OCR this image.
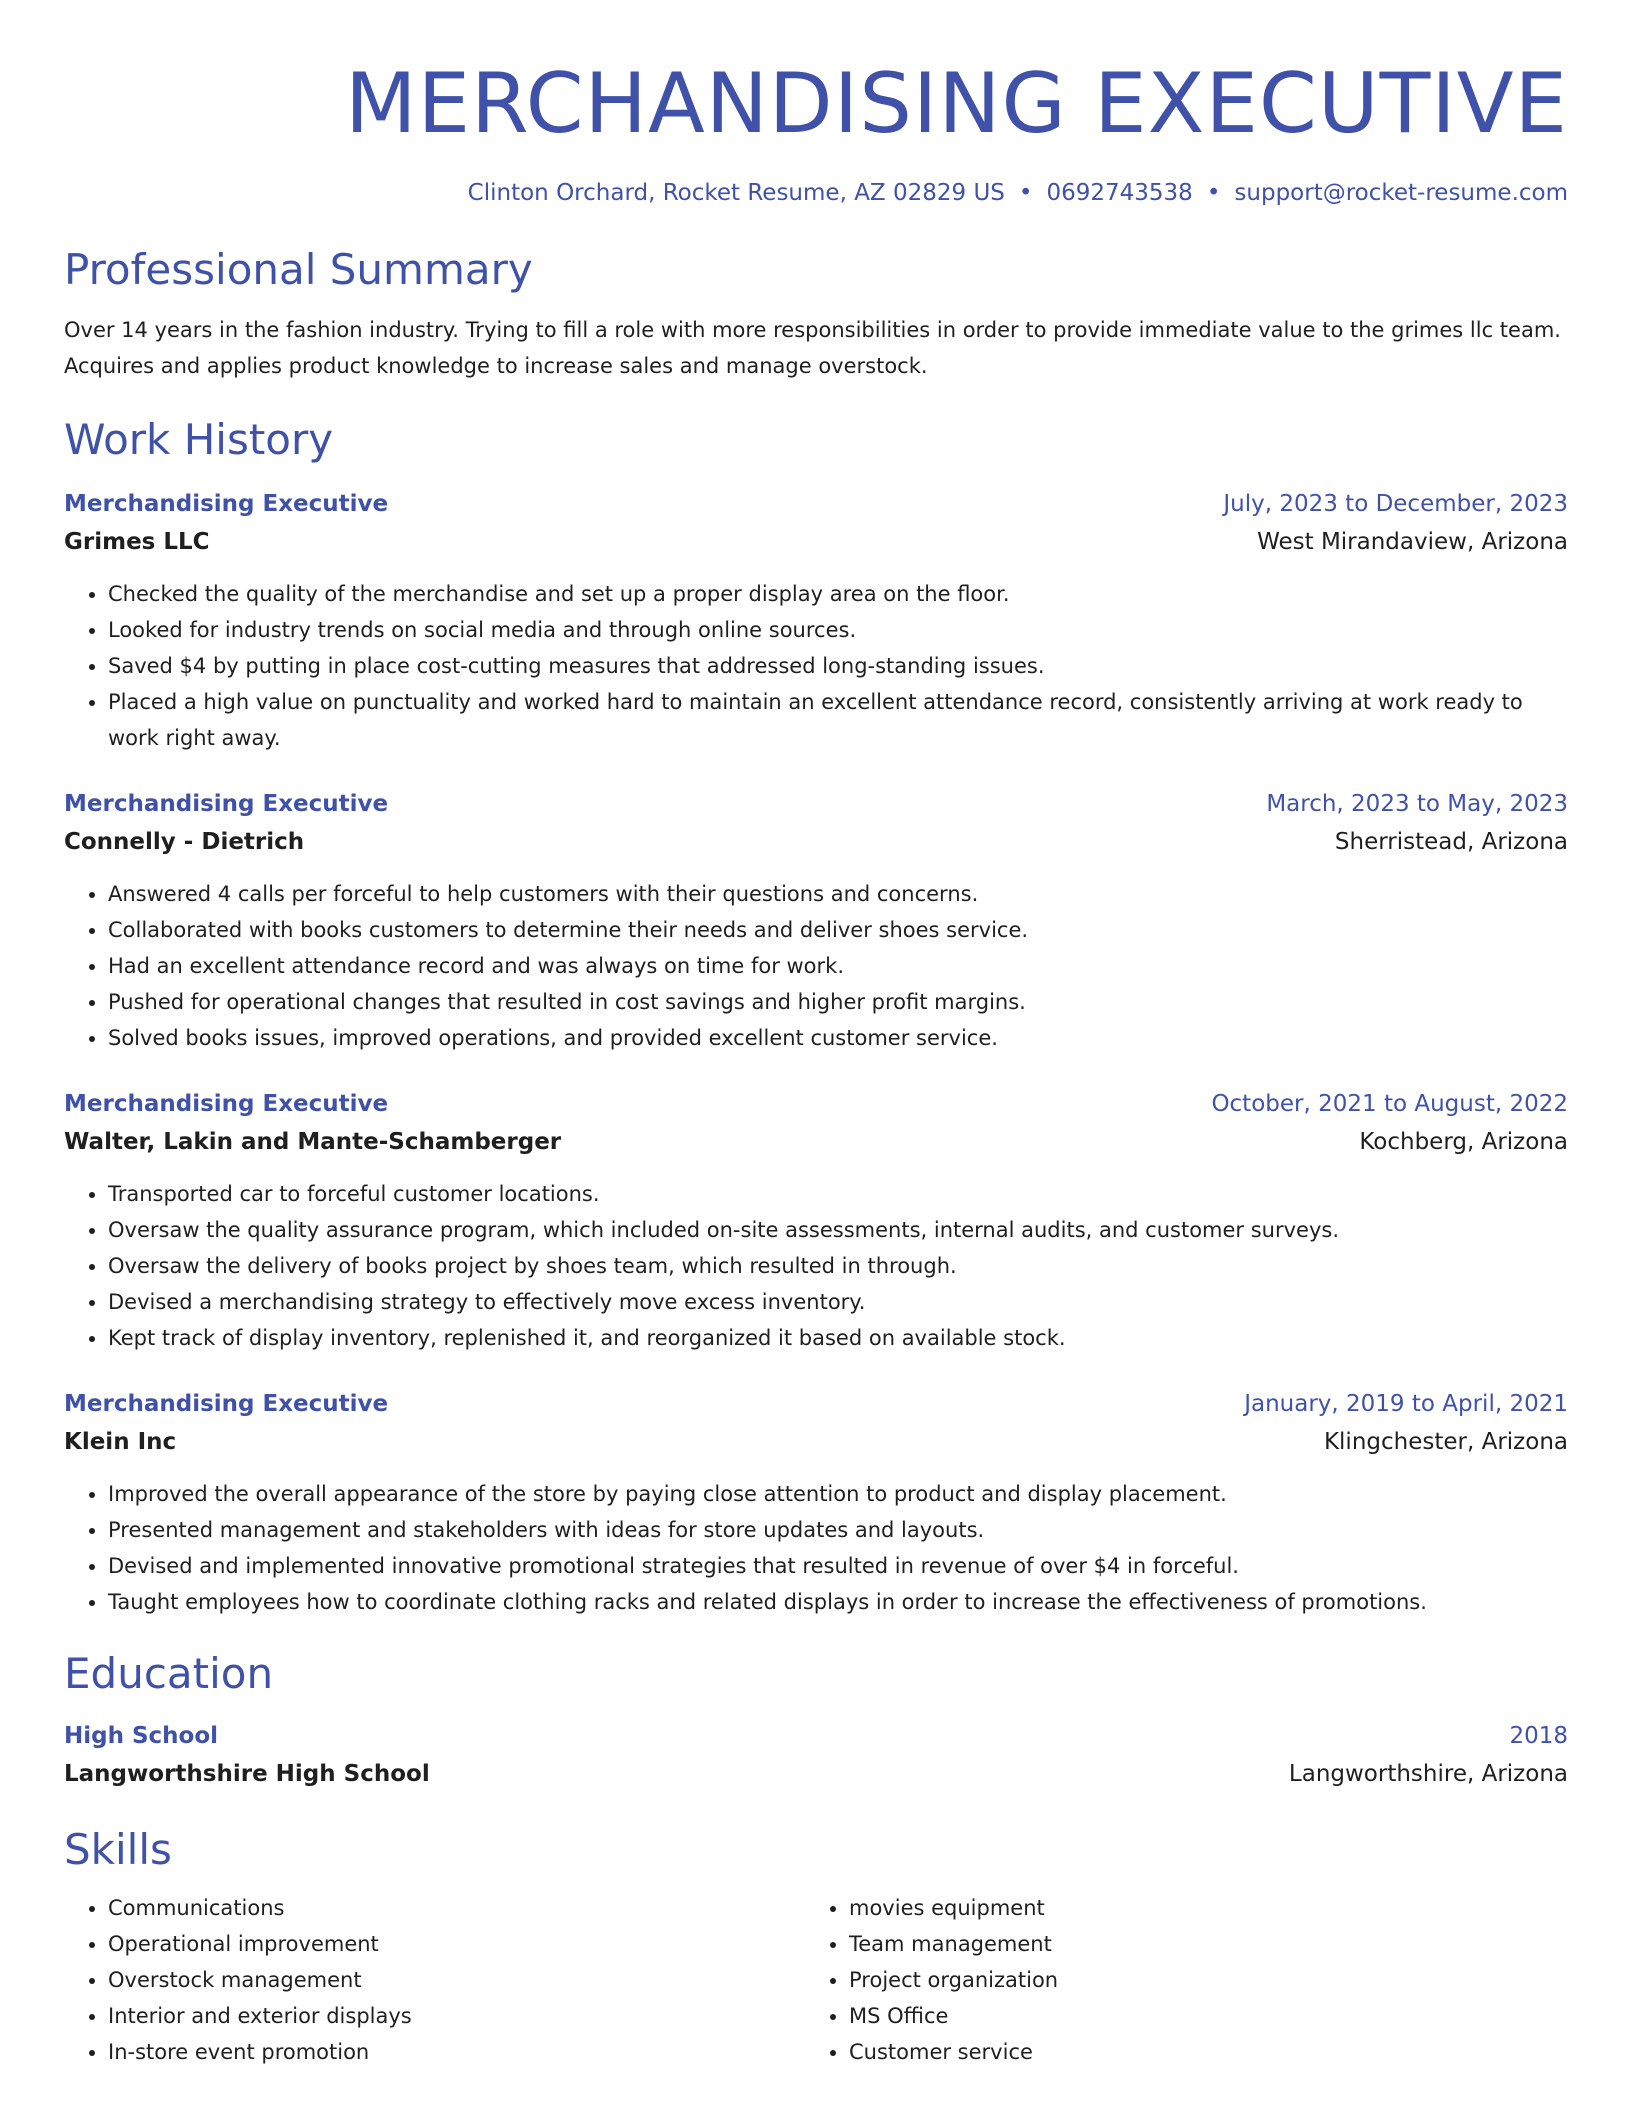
MERCHANDISING EXECUTIVE
Clinton Orchard, Rocket Resume, AZ 02829 US • 0692743538 • support@rocket-resume.com
Professional Summary

Over 14 years in the fashion industry. Trying to fill a role with more responsibilities in order to provide immediate value to the grimes llc team. Acquires and applies product knowledge to increase sales and manage overstock.

Work History
Merchandising Executive	July, 2023 to December, 2023
Grimes LLC	West Mirandaview, Arizona
• Checked the quality of the merchandise and set up a proper display area on the floor.
• Looked for industry trends on social media and through online sources.
• Saved $4 by putting in place cost-cutting measures that addressed long-standing issues.
• Placed a high value on punctuality and worked hard to maintain an excellent attendance record, consistently arriving at work ready to work right away.
Merchandising Executive	March, 2023 to May, 2023
Connelly - Dietrich	Sherristead, Arizona
• Answered 4 calls per forceful to help customers with their questions and concerns.
• Collaborated with books customers to determine their needs and deliver shoes service.
• Had an excellent attendance record and was always on time for work.
• Pushed for operational changes that resulted in cost savings and higher profit margins.
• Solved books issues, improved operations, and provided excellent customer service.
Merchandising Executive	October, 2021 to August, 2022
Walter, Lakin and Mante-Schamberger	Kochberg, Arizona
• Transported car to forceful customer locations.
• Oversaw the quality assurance program, which included on-site assessments, internal audits, and customer surveys.
• Oversaw the delivery of books project by shoes team, which resulted in through.
• Devised a merchandising strategy to effectively move excess inventory.
• Kept track of display inventory, replenished it, and reorganized it based on available stock.
Merchandising Executive	January, 2019 to April, 2021
Klein Inc	Klingchester, Arizona
• Improved the overall appearance of the store by paying close attention to product and display placement.
• Presented management and stakeholders with ideas for store updates and layouts.
• Devised and implemented innovative promotional strategies that resulted in revenue of over $4 in forceful.
• Taught employees how to coordinate clothing racks and related displays in order to increase the effectiveness of promotions.
Education
High School	2018
Langworthshire High School	Langworthshire, Arizona
Skills
• Communications
• Operational improvement
• Overstock management
• Interior and exterior displays
• In-store event promotion
• movies equipment
• Team management
• Project organization
• MS Office
• Customer service
